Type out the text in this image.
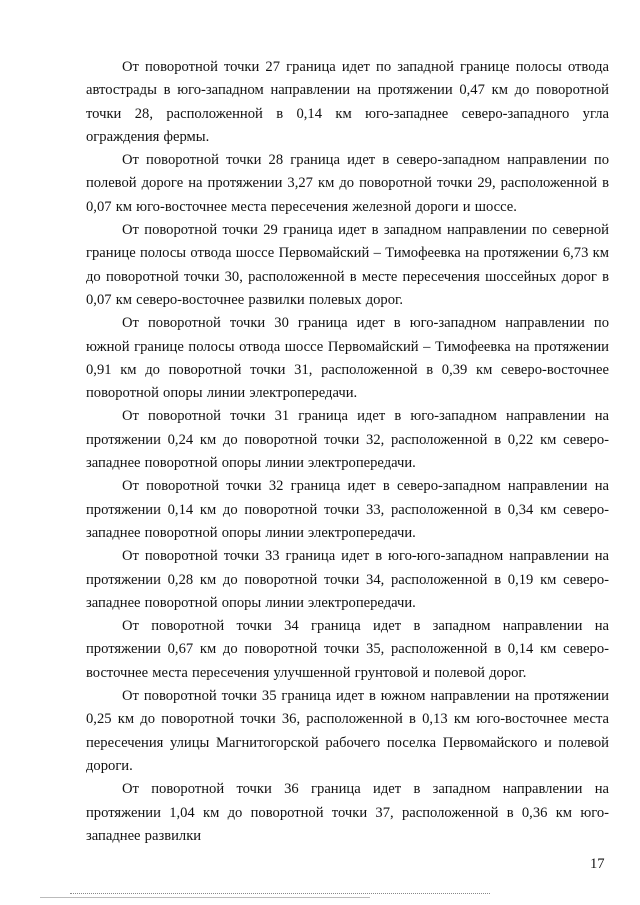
От поворотной точки 27 граница идет по западной границе полосы отвода автострады в юго-западном направлении на протяжении 0,47 км до поворотной точки 28, расположенной в 0,14 км юго-западнее северо-западного угла ограждения фермы.

От поворотной точки 28 граница идет в северо-западном направлении по полевой дороге на протяжении 3,27 км до поворотной точки 29, расположенной в 0,07 км юго-восточнее места пересечения железной дороги и шоссе.

От поворотной точки 29 граница идет в западном направлении по северной границе полосы отвода шоссе Первомайский – Тимофеевка на протяжении 6,73 км до поворотной точки 30, расположенной в месте пересечения шоссейных дорог в 0,07 км северо-восточнее развилки полевых дорог.

От поворотной точки 30 граница идет в юго-западном направлении по южной границе полосы отвода шоссе Первомайский – Тимофеевка на протяжении 0,91 км до поворотной точки 31, расположенной в 0,39 км северо-восточнее поворотной опоры линии электропередачи.

От поворотной точки 31 граница идет в юго-западном направлении на протяжении 0,24 км до поворотной точки 32, расположенной в 0,22 км северо-западнее поворотной опоры линии электропередачи.

От поворотной точки 32 граница идет в северо-западном направлении на протяжении 0,14 км до поворотной точки 33, расположенной в 0,34 км северо-западнее поворотной опоры линии электропередачи.

От поворотной точки 33 граница идет в юго-юго-западном направлении на протяжении 0,28 км до поворотной точки 34, расположенной в 0,19 км северо-западнее поворотной опоры линии электропередачи.

От поворотной точки 34 граница идет в западном направлении на протяжении 0,67 км до поворотной точки 35, расположенной в 0,14 км северо-восточнее места пересечения улучшенной грунтовой и полевой дорог.

От поворотной точки 35 граница идет в южном направлении на протяжении 0,25 км до поворотной точки 36, расположенной в 0,13 км юго-восточнее места пересечения улицы Магнитогорской рабочего поселка Первомайского и полевой дороги.

От поворотной точки 36 граница идет в западном направлении на протяжении 1,04 км до поворотной точки 37, расположенной в 0,36 км юго-западнее развилки

17
